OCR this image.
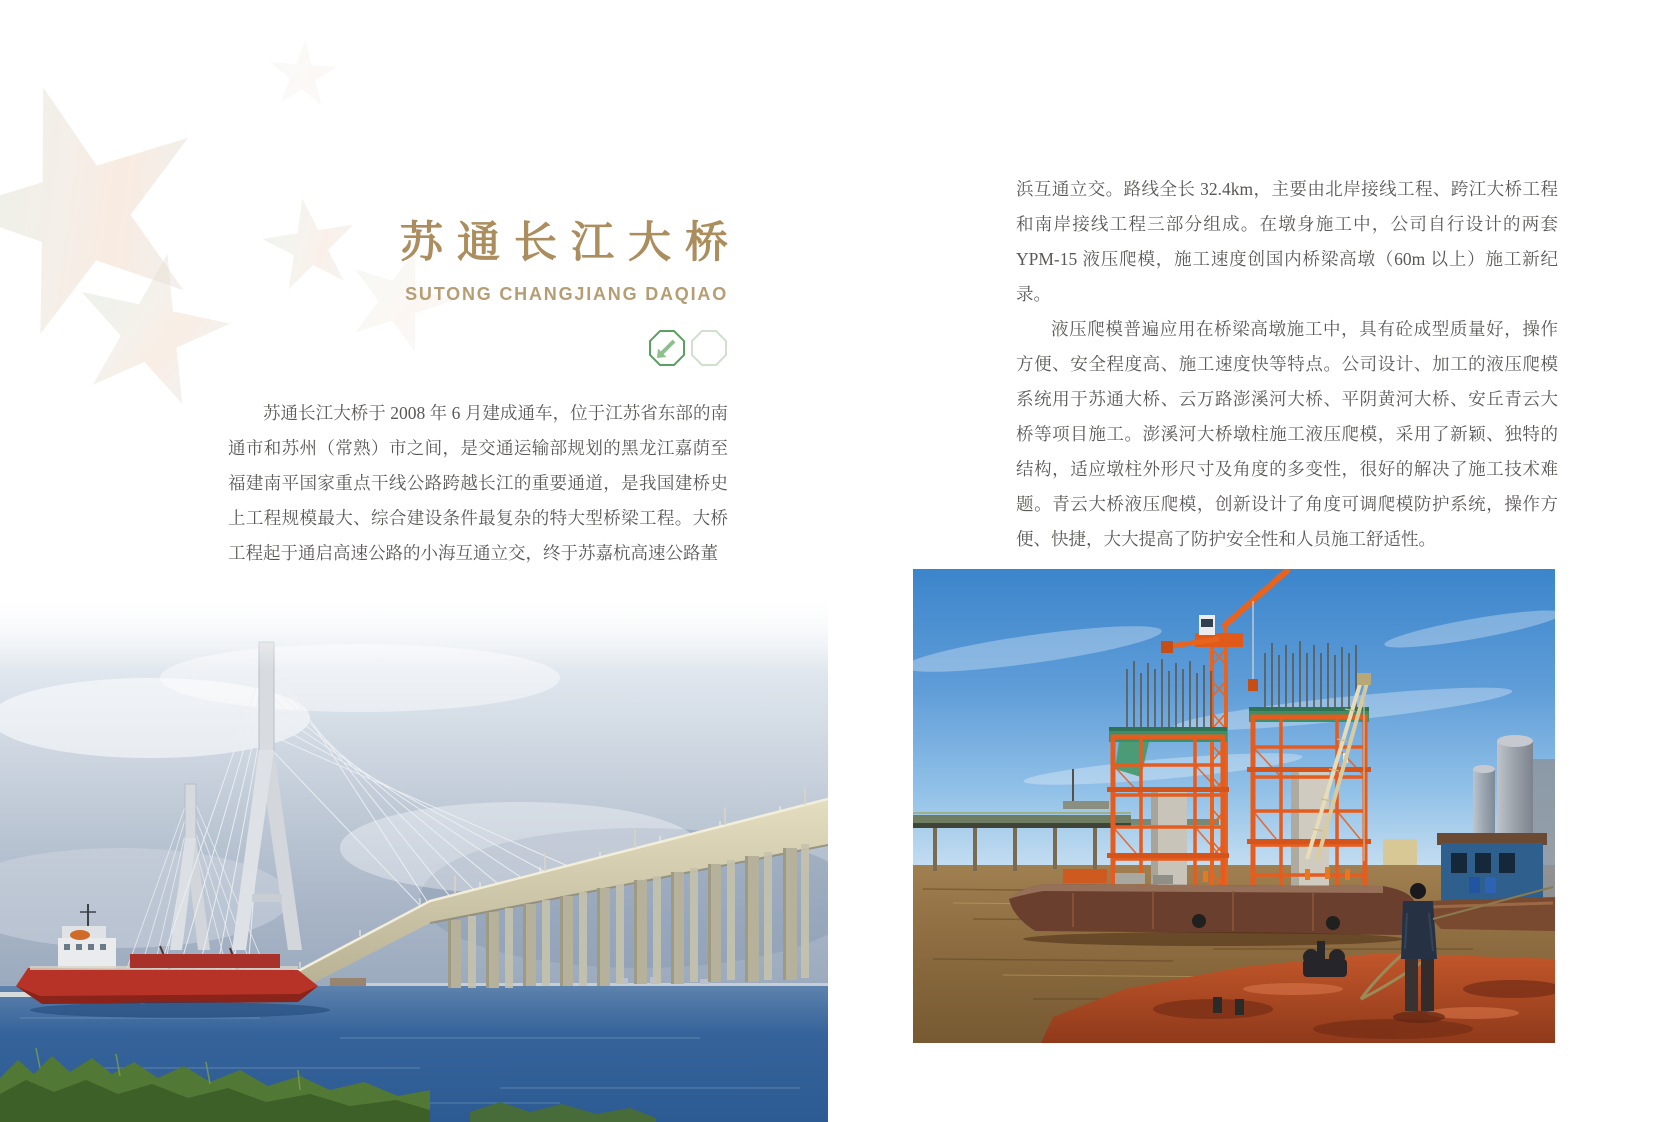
苏通长江大桥
SUTONG CHANGJIANG DAQIAO

苏通长江大桥于 2008 年 6 月建成通车，位于江苏省东部的南通市和苏州（常熟）市之间，是交通运输部规划的黑龙江嘉荫至福建南平国家重点干线公路跨越长江的重要通道，是我国建桥史上工程规模最大、综合建设条件最复杂的特大型桥梁工程。大桥工程起于通启高速公路的小海互通立交，终于苏嘉杭高速公路董

浜互通立交。路线全长 32.4km，主要由北岸接线工程、跨江大桥工程和南岸接线工程三部分组成。在墩身施工中，公司自行设计的两套 YPM-15 液压爬模，施工速度创国内桥梁高墩（60m 以上）施工新纪录。

液压爬模普遍应用在桥梁高墩施工中，具有砼成型质量好，操作方便、安全程度高、施工速度快等特点。公司设计、加工的液压爬模系统用于苏通大桥、云万路澎溪河大桥、平阴黄河大桥、安丘青云大桥等项目施工。澎溪河大桥墩柱施工液压爬模，采用了新颖、独特的结构，适应墩柱外形尺寸及角度的多变性，很好的解决了施工技术难题。青云大桥液压爬模，创新设计了角度可调爬模防护系统，操作方便、快捷，大大提高了防护安全性和人员施工舒适性。
